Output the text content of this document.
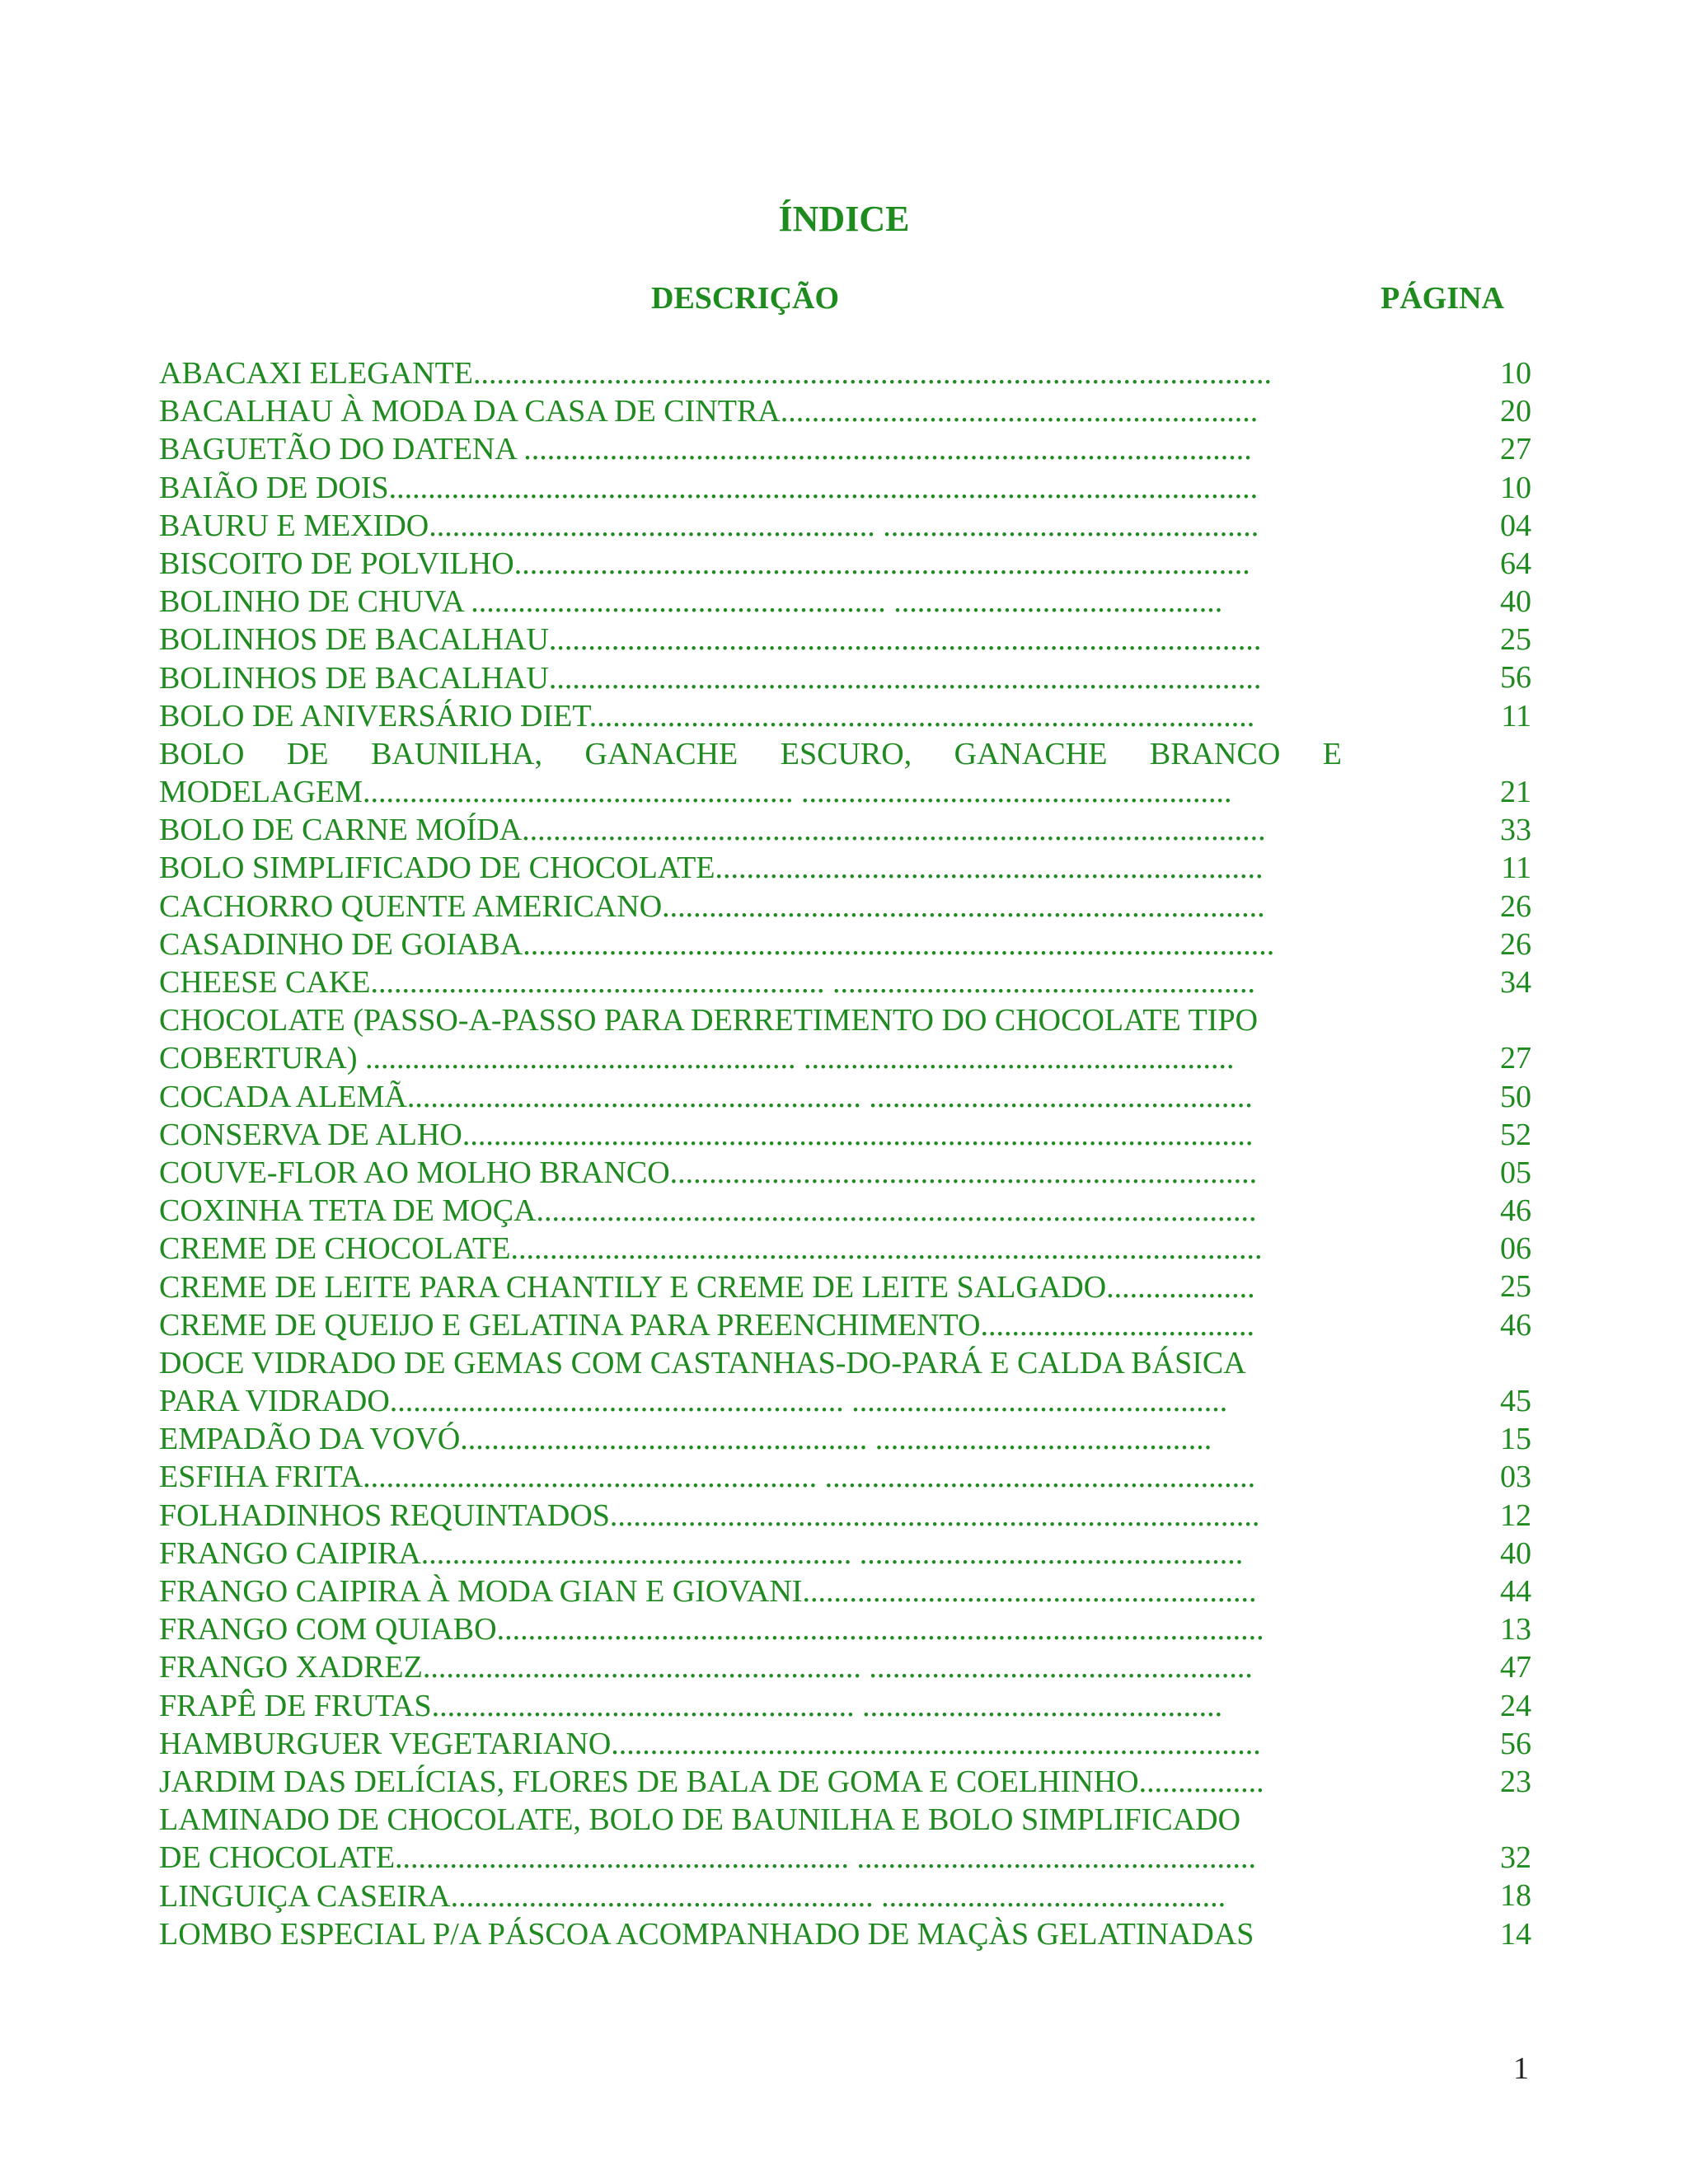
ÍNDICE
DESCRIÇÃO	PÁGINA
ABACAXI ELEGANTE......................................................................................................	10
BACALHAU À MODA DA CASA DE CINTRA.............................................................	20
BAGUETÃO DO DATENA .............................................................................................	27
BAIÃO DE DOIS...............................................................................................................	10
BAURU E MEXIDO......................................................... ................................................	04
BISCOITO DE POLVILHO..............................................................................................	64
BOLINHO DE CHUVA ..................................................... ..........................................	40
BOLINHOS DE BACALHAU...........................................................................................	25
BOLINHOS DE BACALHAU...........................................................................................	56
BOLO DE ANIVERSÁRIO DIET.....................................................................................	11
BOLO DE BAUNILHA, GANACHE ESCURO, GANACHE BRANCO E
MODELAGEM....................................................... .......................................................	21
BOLO DE CARNE MOÍDA...............................................................................................	33
BOLO SIMPLIFICADO DE CHOCOLATE......................................................................	11
CACHORRO QUENTE AMERICANO.............................................................................	26
CASADINHO DE GOIABA................................................................................................	26
CHEESE CAKE.......................................................... ......................................................	34
CHOCOLATE (PASSO-A-PASSO PARA DERRETIMENTO DO CHOCOLATE TIPO
COBERTURA) ....................................................... .......................................................	27
COCADA ALEMÃ.......................................................... .................................................	50
CONSERVA DE ALHO.....................................................................................................	52
COUVE-FLOR AO MOLHO BRANCO...........................................................................	05
COXINHA TETA DE MOÇA............................................................................................	46
CREME DE CHOCOLATE................................................................................................	06
CREME DE LEITE PARA CHANTILY E CREME DE LEITE SALGADO...................	25
CREME DE QUEIJO E GELATINA PARA PREENCHIMENTO...................................	46
DOCE VIDRADO DE GEMAS COM CASTANHAS-DO-PARÁ E CALDA BÁSICA
PARA VIDRADO.......................................................... ................................................	45
EMPADÃO DA VOVÓ.................................................... ...........................................	15
ESFIHA FRITA.......................................................... .......................................................	03
FOLHADINHOS REQUINTADOS...................................................................................	12
FRANGO CAIPIRA....................................................... .................................................	40
FRANGO CAIPIRA À MODA GIAN E GIOVANI..........................................................	44
FRANGO COM QUIABO..................................................................................................	13
FRANGO XADREZ........................................................ .................................................	47
FRAPÊ DE FRUTAS...................................................... ..............................................	24
HAMBURGUER VEGETARIANO...................................................................................	56
JARDIM DAS DELÍCIAS, FLORES DE BALA DE GOMA E COELHINHO................	23
LAMINADO DE CHOCOLATE, BOLO DE BAUNILHA E BOLO SIMPLIFICADO
DE CHOCOLATE.......................................................... ...................................................	32
LINGUIÇA CASEIRA...................................................... ............................................	18
LOMBO ESPECIAL P/A PÁSCOA ACOMPANHADO DE MAÇÀS GELATINADAS	14
1
